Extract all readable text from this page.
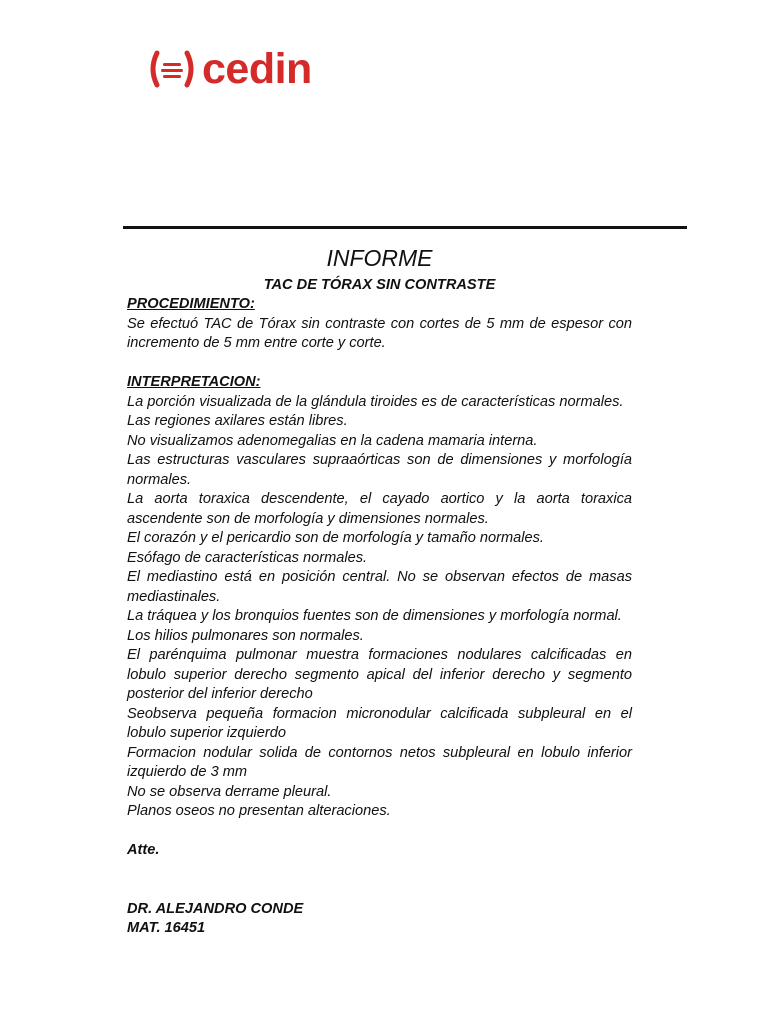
cedin
INFORME
TAC DE TÓRAX SIN CONTRASTE
PROCEDIMIENTO:

Se efectuó TAC de Tórax sin contraste con cortes de 5 mm de espesor con incremento de 5 mm entre corte y corte.

INTERPRETACION:

La porción visualizada de la glándula tiroides es de características normales.

Las regiones axilares están libres.

No visualizamos adenomegalias en la cadena mamaria interna.

Las estructuras vasculares supraaórticas son de dimensiones y morfología normales.

La aorta toraxica descendente, el cayado aortico y la aorta toraxica ascendente son de morfología y dimensiones normales.

El corazón y el pericardio son de morfología y tamaño normales.

Esófago de características normales.

El mediastino está en posición central. No se observan efectos de masas mediastinales.

La tráquea y los bronquios fuentes son de dimensiones y morfología normal.

Los hilios pulmonares son normales.

El parénquima pulmonar muestra formaciones nodulares calcificadas en lobulo superior derecho segmento apical del inferior derecho y segmento posterior del inferior derecho

Seobserva pequeña formacion micronodular calcificada subpleural en el lobulo superior izquierdo

Formacion nodular solida de contornos netos subpleural en lobulo inferior izquierdo de 3 mm

No se observa derrame pleural.

Planos oseos no presentan alteraciones.

Atte.
DR. ALEJANDRO CONDE
MAT. 16451
